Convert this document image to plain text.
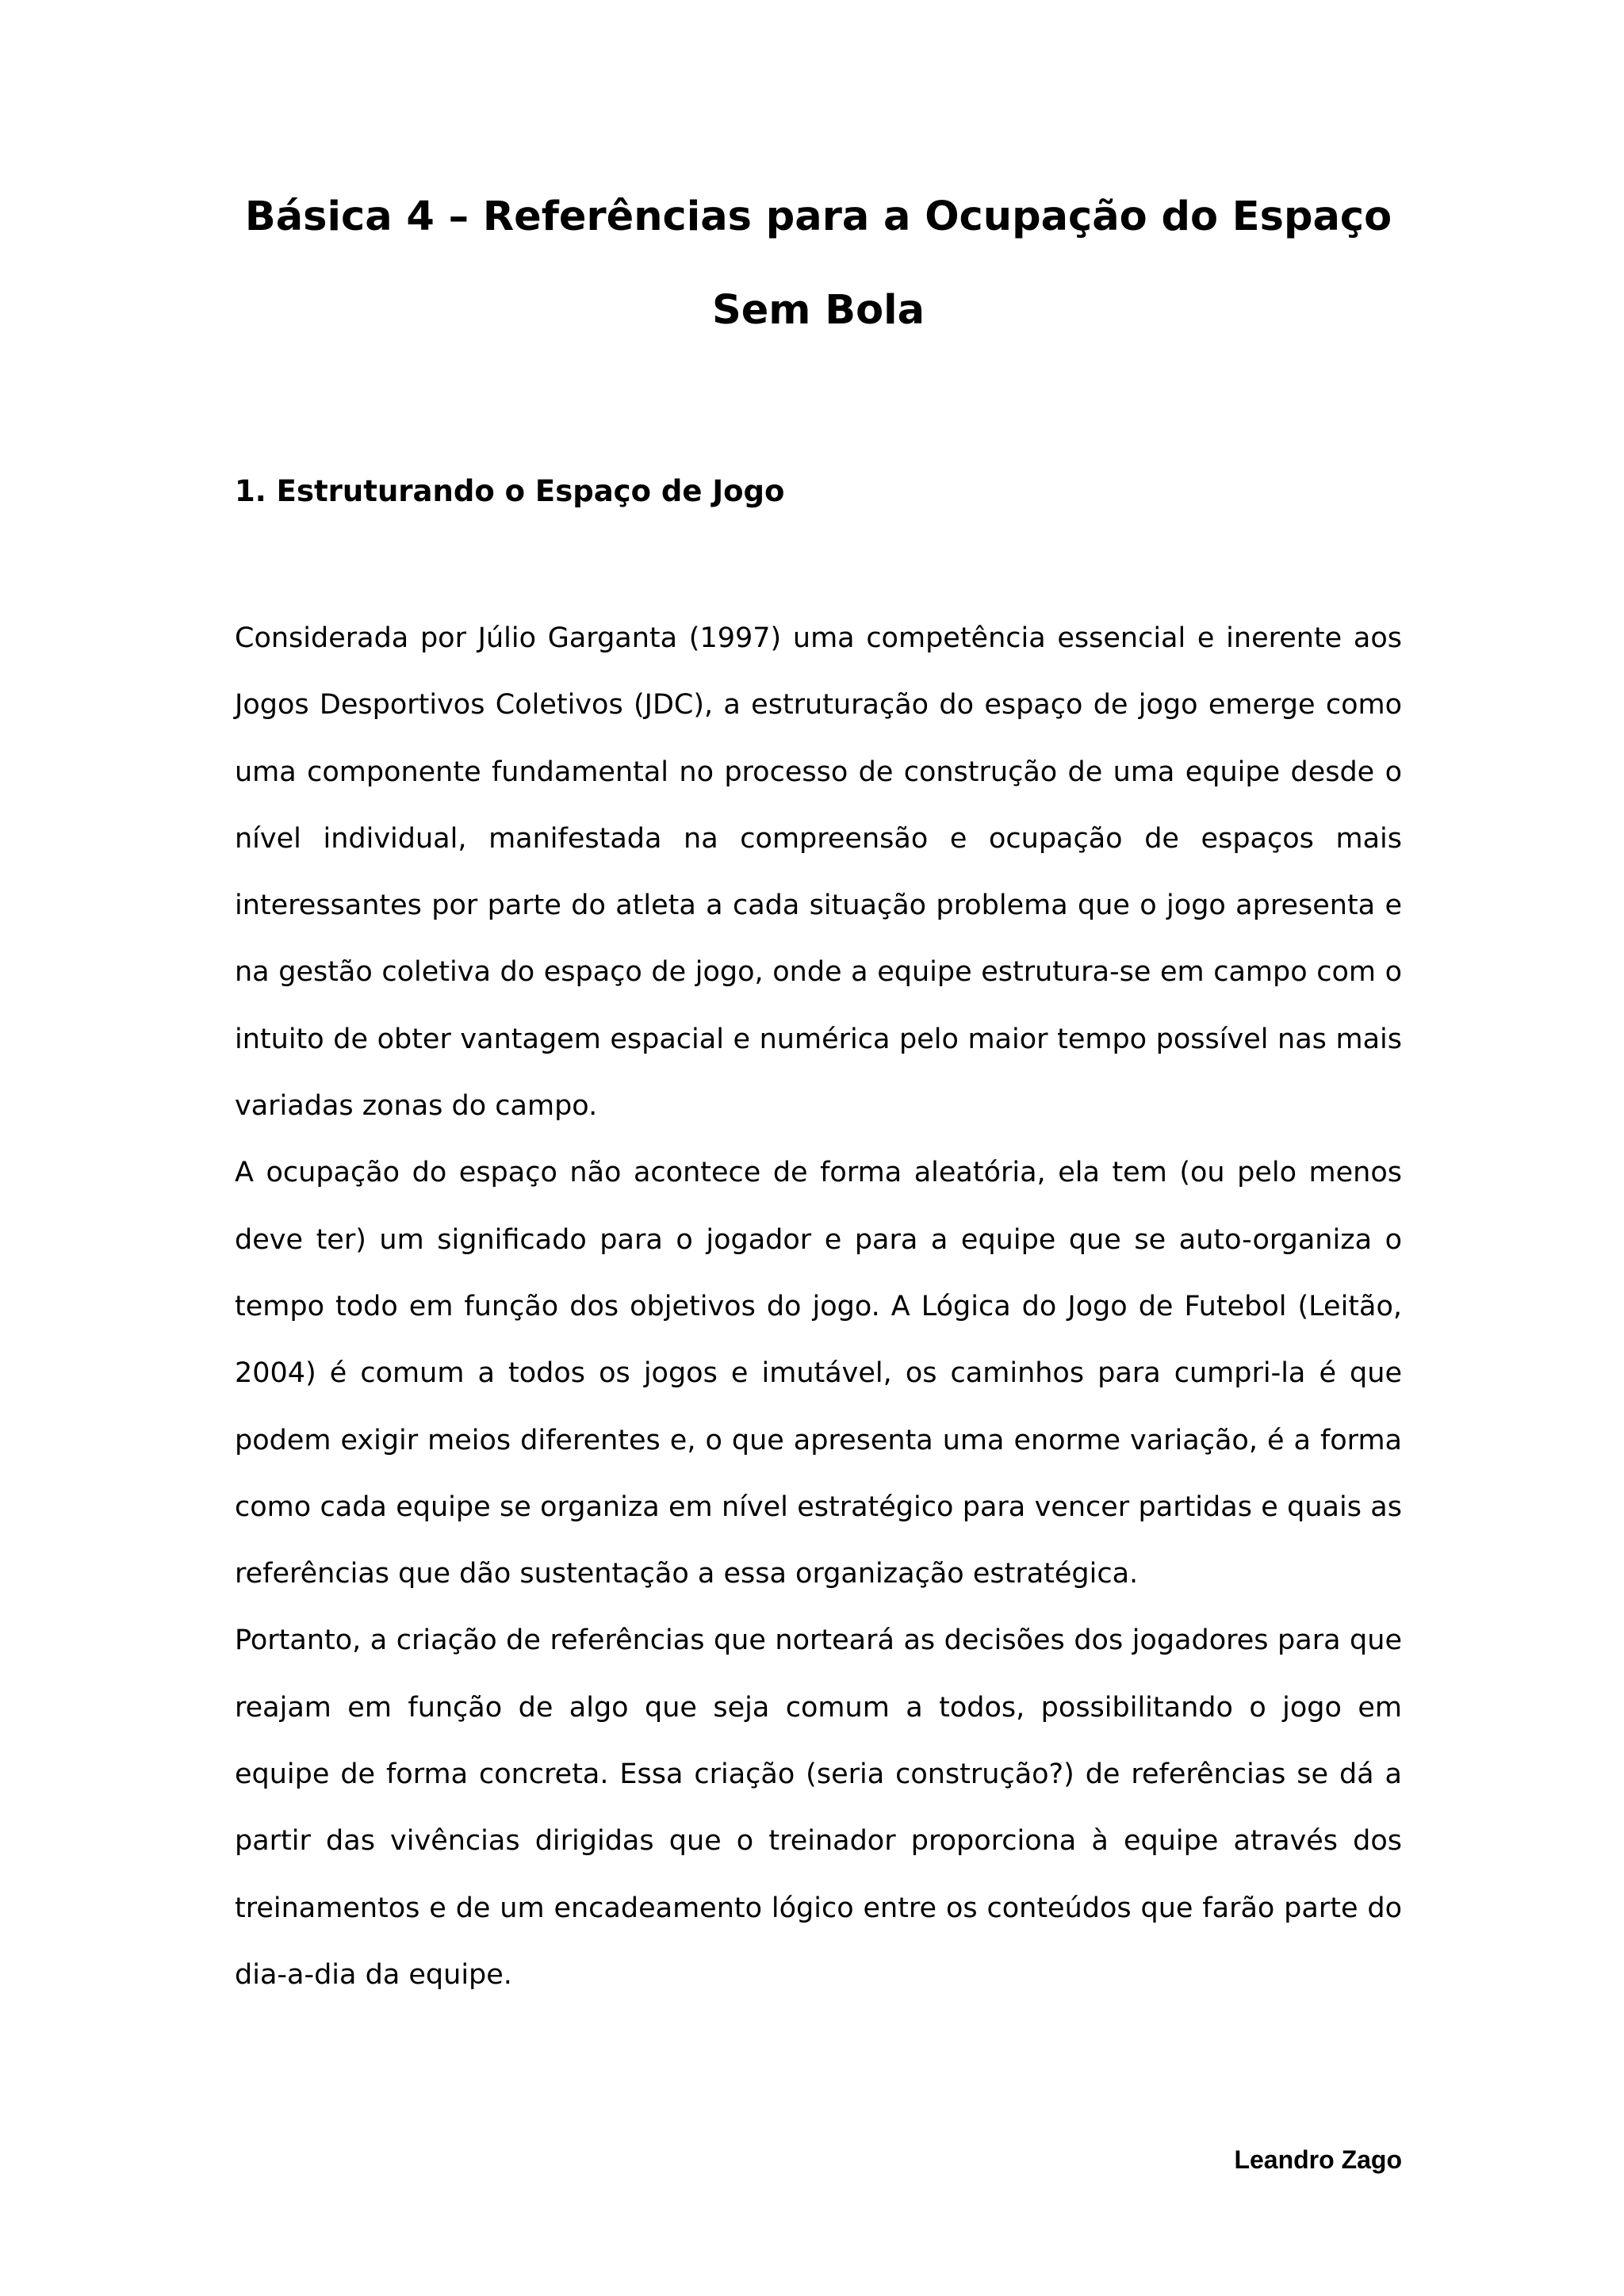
Básica 4 – Referências para a Ocupação do Espaço
Sem Bola
1. Estruturando o Espaço de Jogo

Considerada por Júlio Garganta (1997) uma competência essencial e inerente aos Jogos Desportivos Coletivos (JDC), a estruturação do espaço de jogo emerge como uma componente fundamental no processo de construção de uma equipe desde o nível individual, manifestada na compreensão e ocupação de espaços mais interessantes por parte do atleta a cada situação problema que o jogo apresenta e na gestão coletiva do espaço de jogo, onde a equipe estrutura-se em campo com o intuito de obter vantagem espacial e numérica pelo maior tempo possível nas mais variadas zonas do campo.

A ocupação do espaço não acontece de forma aleatória, ela tem (ou pelo menos deve ter) um significado para o jogador e para a equipe que se auto-organiza o tempo todo em função dos objetivos do jogo. A Lógica do Jogo de Futebol (Leitão, 2004) é comum a todos os jogos e imutável, os caminhos para cumpri-la é que podem exigir meios diferentes e, o que apresenta uma enorme variação, é a forma como cada equipe se organiza em nível estratégico para vencer partidas e quais as referências que dão sustentação a essa organização estratégica.

Portanto, a criação de referências que norteará as decisões dos jogadores para que reajam em função de algo que seja comum a todos, possibilitando o jogo em equipe de forma concreta. Essa criação (seria construção?) de referências se dá a partir das vivências dirigidas que o treinador proporciona à equipe através dos treinamentos e de um encadeamento lógico entre os conteúdos que farão parte do dia-a-dia da equipe.

Leandro Zago
